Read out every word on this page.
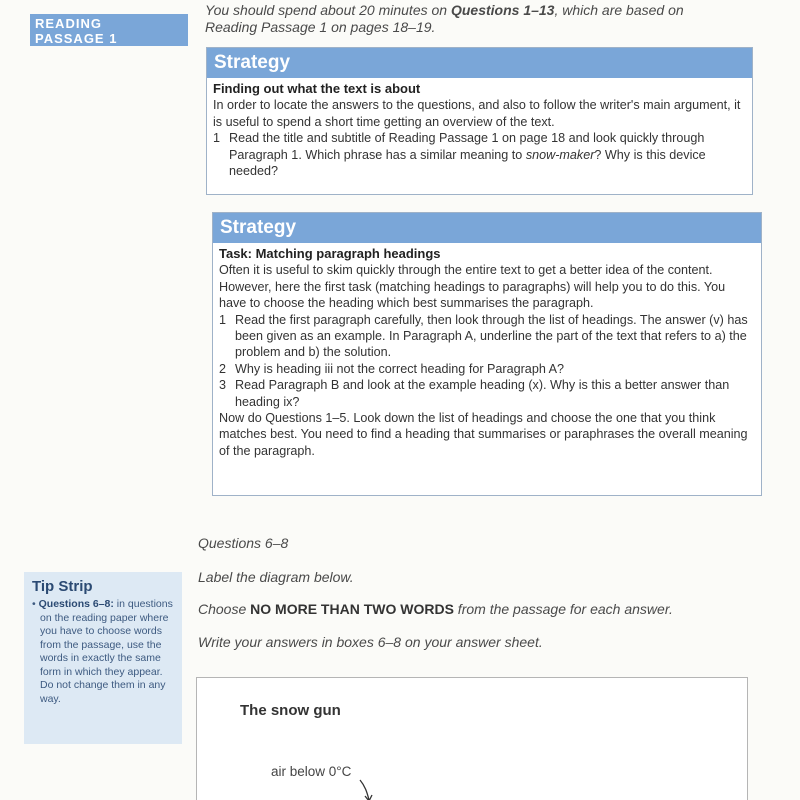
READING
PASSAGE 1
You should spend about 20 minutes on Questions 1–13, which are based on
Reading Passage 1 on pages 18–19.
Strategy
Finding out what the text is about
In order to locate the answers to the questions, and also to follow the writer's main argument, it is useful to spend a short time getting an overview of the text.
1 Read the title and subtitle of Reading Passage 1 on page 18 and look quickly through Paragraph 1. Which phrase has a similar meaning to snow-maker? Why is this device needed?
Strategy
Task: Matching paragraph headings
Often it is useful to skim quickly through the entire text to get a better idea of the content. However, here the first task (matching headings to paragraphs) will help you to do this. You have to choose the heading which best summarises the paragraph.
1 Read the first paragraph carefully, then look through the list of headings. The answer (v) has been given as an example. In Paragraph A, underline the part of the text that refers to a) the problem and b) the solution.
2 Why is heading iii not the correct heading for Paragraph A?
3 Read Paragraph B and look at the example heading (x). Why is this a better answer than heading ix?
Now do Questions 1–5. Look down the list of headings and choose the one that you think matches best. You need to find a heading that summarises or paraphrases the overall meaning of the paragraph.
Questions 6–8
Label the diagram below.
Choose NO MORE THAN TWO WORDS from the passage for each answer.
Write your answers in boxes 6–8 on your answer sheet.
Tip Strip
• Questions 6–8: in questions on the reading paper where you have to choose words from the passage, use the words in exactly the same form in which they appear. Do not change them in any way.
The snow gun
air below 0°C
